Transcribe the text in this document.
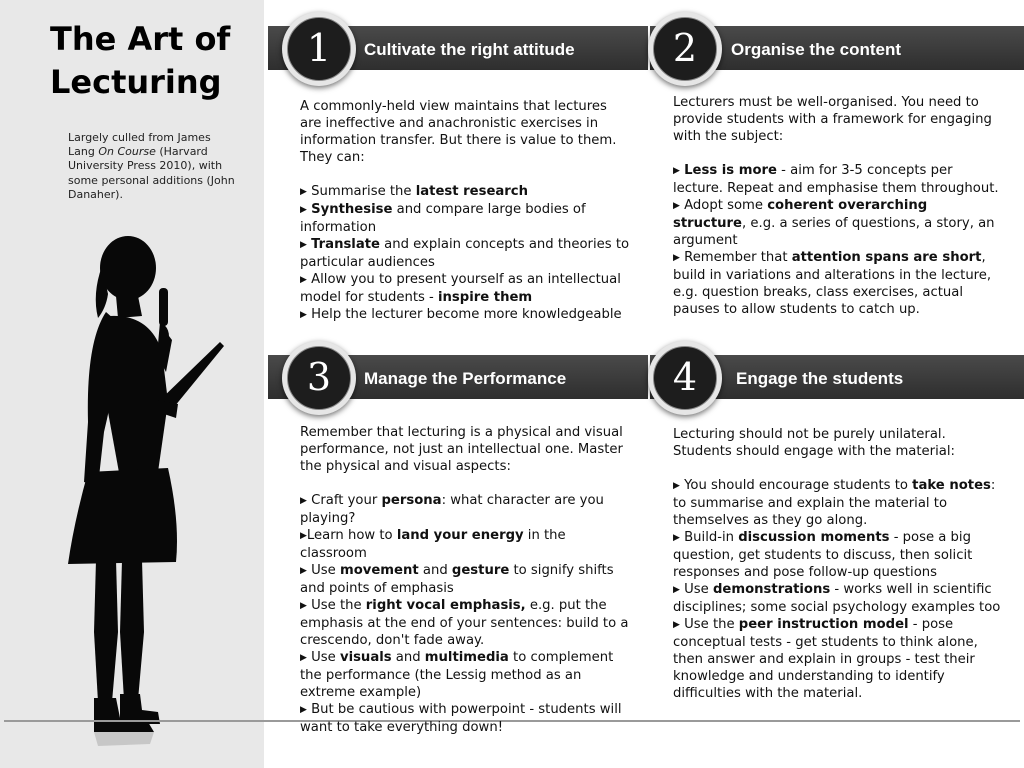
The Art of Lecturing
Largely culled from James Lang On Course (Harvard University Press 2010), with some personal additions (John Danaher).
1	Cultivate the right attitude

A commonly-held view maintains that lectures are ineffective and anachronistic exercises in information transfer. But there is value to them. They can:

▶ Summarise the latest research

▶ Synthesise and compare large bodies of information

▶ Translate and explain concepts and theories to particular audiences

▶ Allow you to present yourself as an intellectual model for students - inspire them

▶ Help the lecturer become more knowledgeable

2	Organise the content

Lecturers must be well-organised. You need to provide students with a framework for engaging with the subject:

▶ Less is more - aim for 3-5 concepts per lecture. Repeat and emphasise them throughout.

▶ Adopt some coherent overarching structure, e.g. a series of questions, a story, an argument

▶ Remember that attention spans are short, build in variations and alterations in the lecture, e.g. question breaks, class exercises, actual pauses to allow students to catch up.

3	Manage the Performance

Remember that lecturing is a physical and visual performance, not just an intellectual one. Master the physical and visual aspects:

▶ Craft your persona: what character are you playing?

▶Learn how to land your energy in the classroom

▶ Use movement and gesture to signify shifts and points of emphasis

▶ Use the right vocal emphasis, e.g. put the emphasis at the end of your sentences: build to a crescendo, don't fade away.

▶ Use visuals and multimedia to complement the performance (the Lessig method as an extreme example)

▶ But be cautious with powerpoint - students will want to take everything down!

4	Engage the students

Lecturing should not be purely unilateral. Students should engage with the material:

▶ You should encourage students to take notes: to summarise and explain the material to themselves as they go along.

▶ Build-in discussion moments - pose a big question, get students to discuss, then solicit responses and pose follow-up questions

▶ Use demonstrations - works well in scientific disciplines; some social psychology examples too

▶ Use the peer instruction model - pose conceptual tests - get students to think alone, then answer and explain in groups - test their knowledge and understanding to identify difficulties with the material.
